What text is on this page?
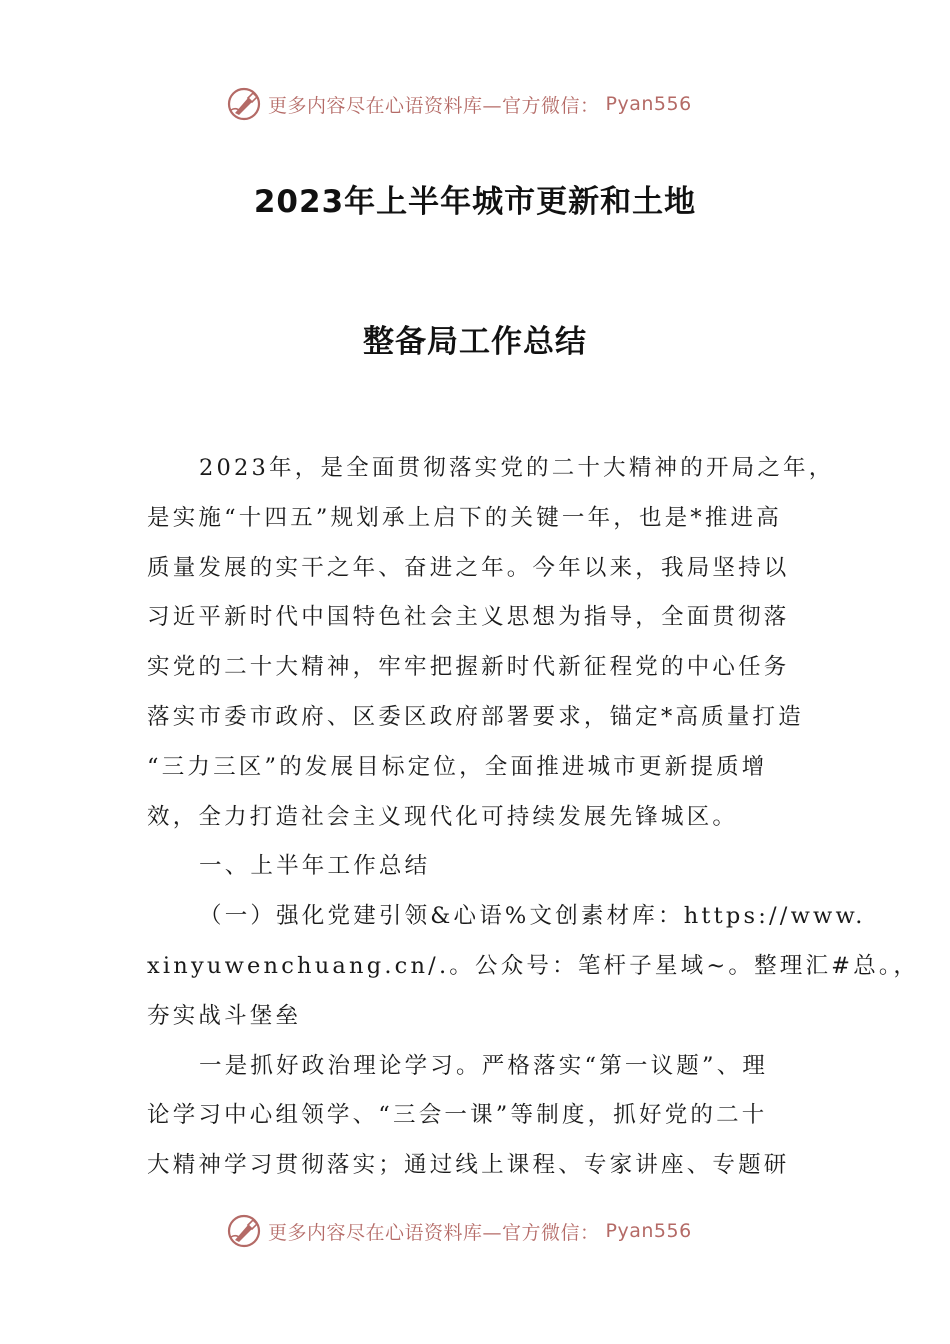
更多内容尽在心语资料库—官方微信： Pyan556
2023年上半年城市更新和土地
整备局工作总结
2023年，是全面贯彻落实党的二十大精神的开局之年，
是实施“十四五”规划承上启下的关键一年，也是*推进高
质量发展的实干之年、奋进之年。今年以来，我局坚持以
习近平新时代中国特色社会主义思想为指导，全面贯彻落
实党的二十大精神，牢牢把握新时代新征程党的中心任务
落实市委市政府、区委区政府部署要求，锚定*高质量打造
“三力三区”的发展目标定位，全面推进城市更新提质增
效，全力打造社会主义现代化可持续发展先锋城区。
一、上半年工作总结
（一）强化党建引领&心语%文创素材库：https://www.
xinyuwenchuang.cn/.。公众号：笔杆子星域~。整理汇#总。，
夯实战斗堡垒
一是抓好政治理论学习。严格落实“第一议题”、理
论学习中心组领学、“三会一课”等制度，抓好党的二十
大精神学习贯彻落实；通过线上课程、专家讲座、专题研
更多内容尽在心语资料库—官方微信： Pyan556
